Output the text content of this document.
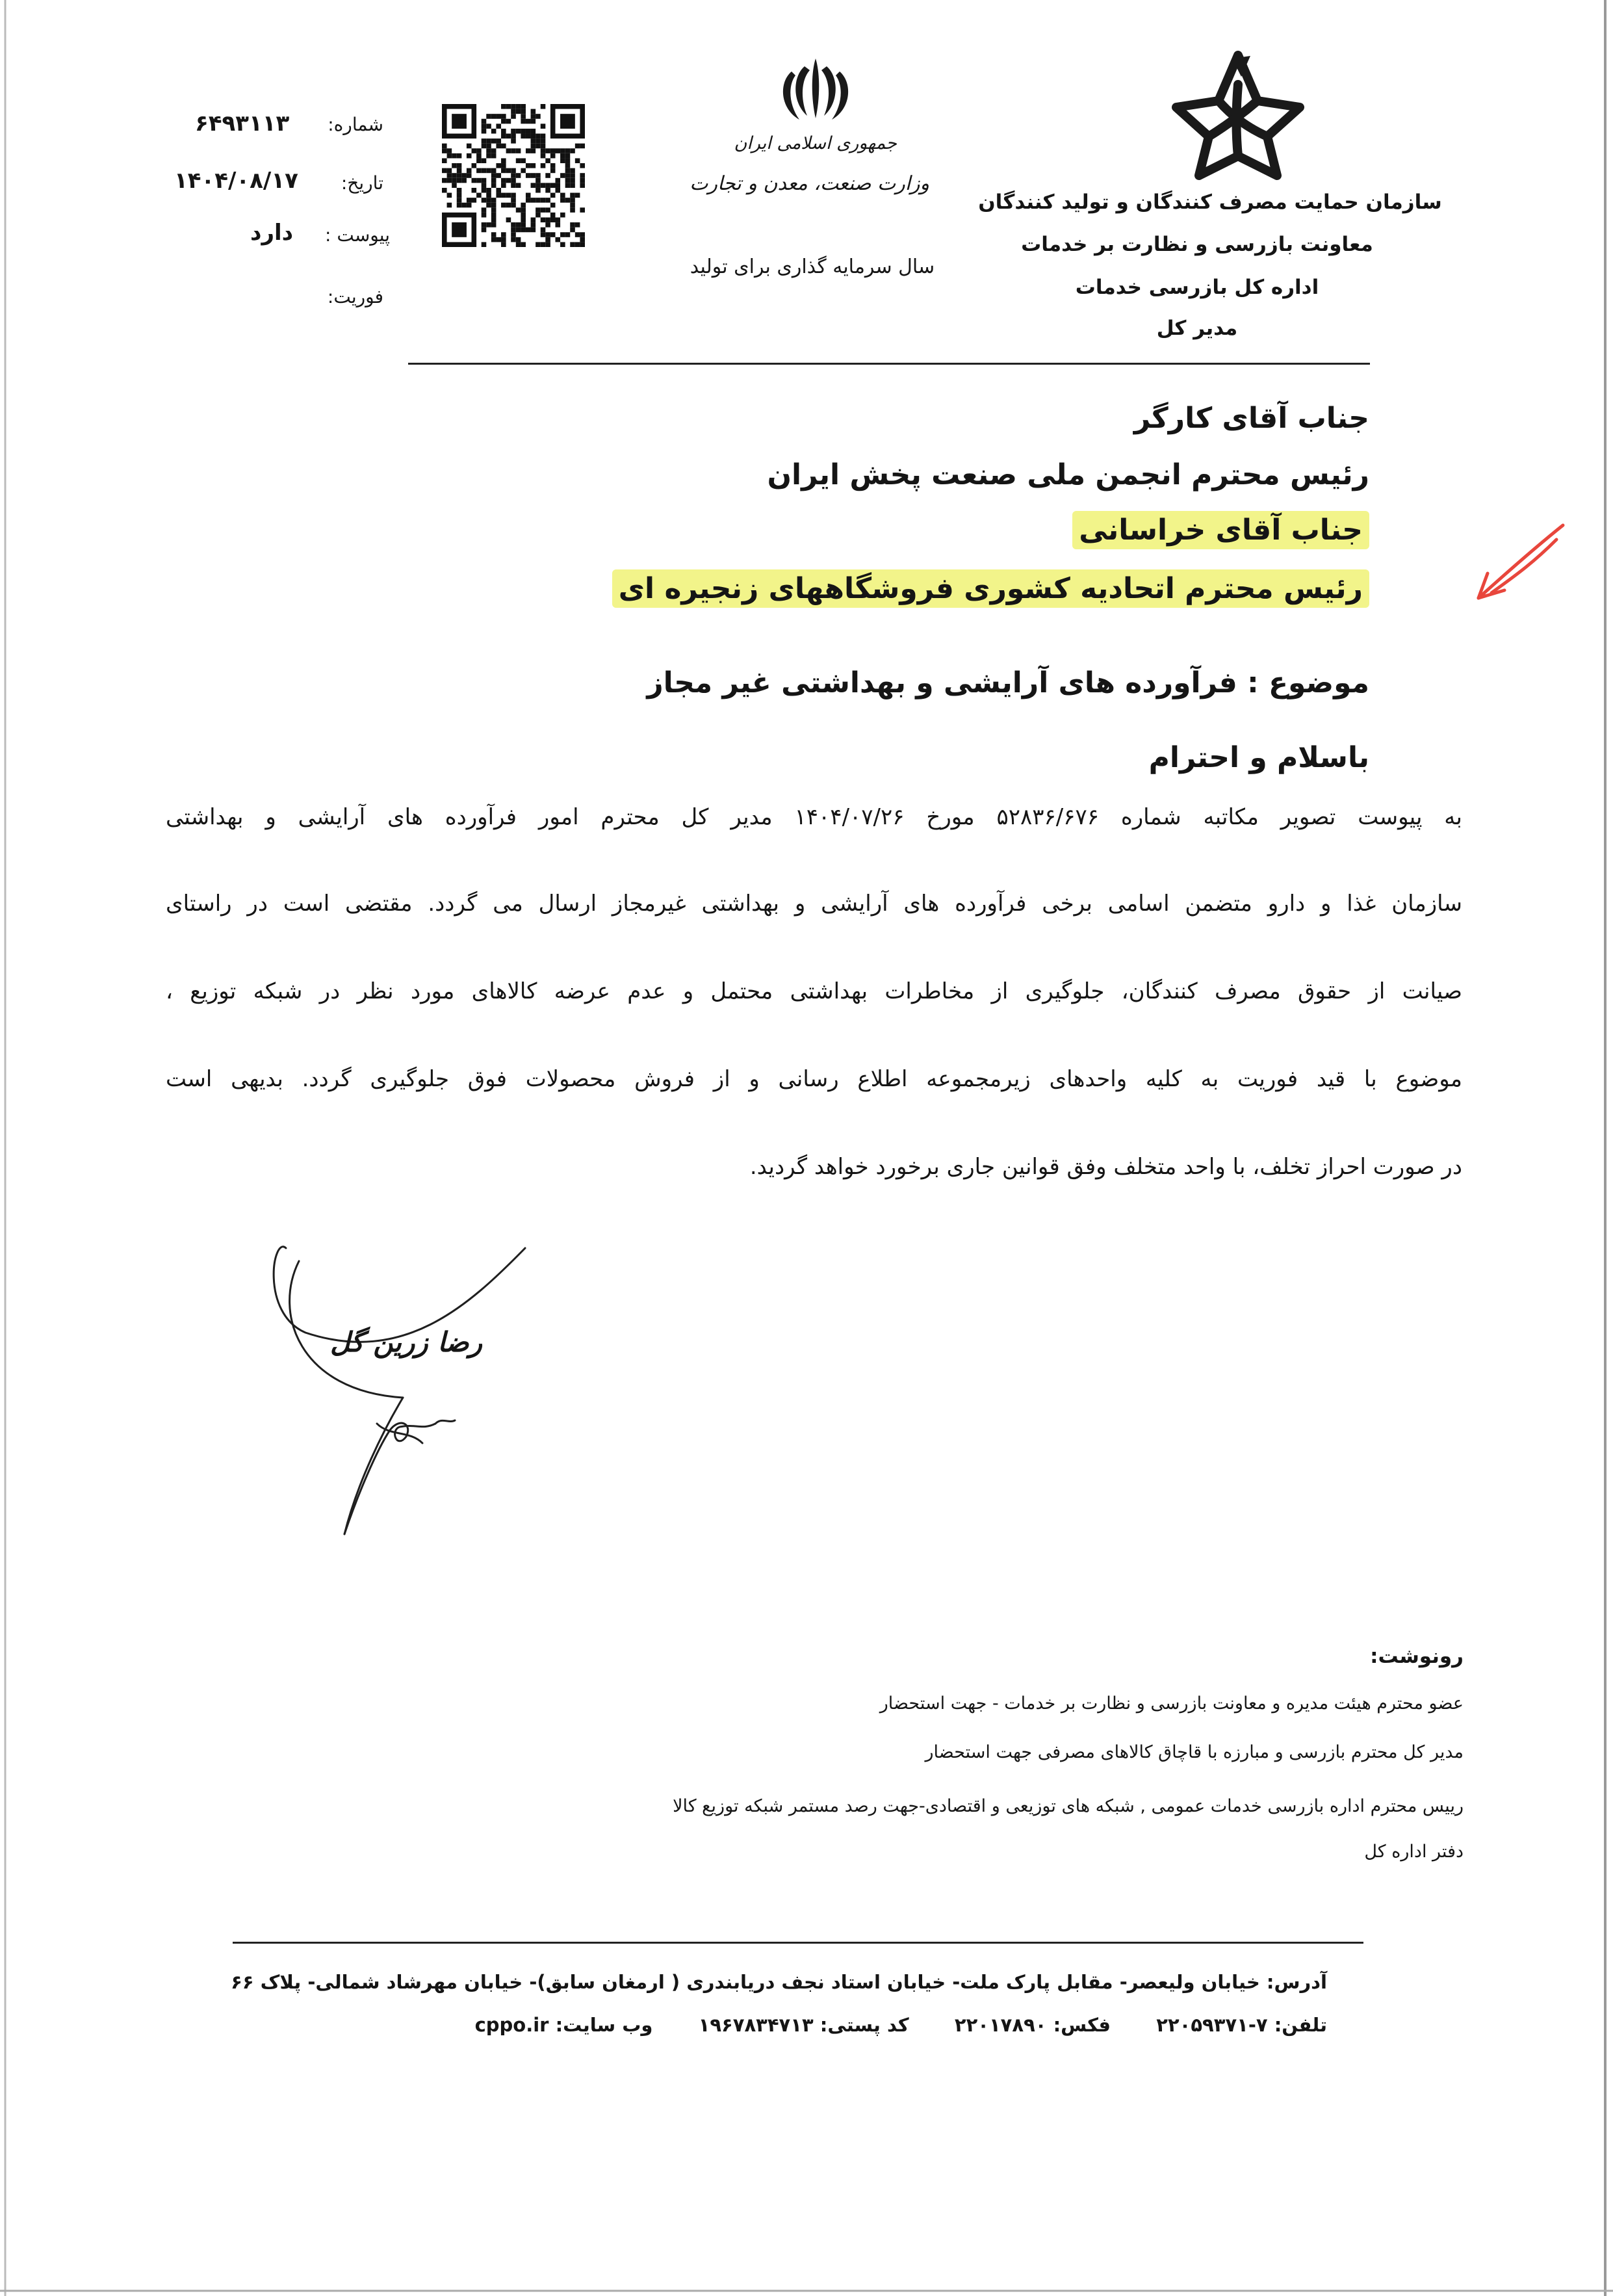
سازمان حمایت مصرف کنندگان و تولید کنندگان
معاونت بازرسی و نظارت بر خدمات
اداره کل بازرسی خدمات
مدیر کل
جمهوری اسلامی ایران
وزارت صنعت، معدن و تجارت
سال سرمایه گذاری برای تولید
شماره:
۶۴۹۳۱۱۳
تاریخ:
۱۴۰۴/۰۸/۱۷
پیوست :
دارد
فوریت:
جناب آقای کارگر
رئیس محترم انجمن ملی صنعت پخش ایران
جناب آقای خراسانی
رئیس محترم اتحادیه کشوری فروشگاههای زنجیره ای
موضوع : فرآورده های آرایشی و بهداشتی غیر مجاز
باسلام و احترام
به پیوست تصویر مکاتبه شماره ۵۲۸۳۶/۶۷۶ مورخ ۱۴۰۴/۰۷/۲۶ مدیر کل محترم امور فرآورده های آرایشی و بهداشتی
سازمان غذا و دارو متضمن اسامی برخی فرآورده های آرایشی و بهداشتی غیرمجاز ارسال می گردد. مقتضی است در راستای
صیانت از حقوق مصرف کنندگان، جلوگیری از مخاطرات بهداشتی محتمل و عدم عرضه کالاهای مورد نظر در شبکه توزیع ،
موضوع با قید فوریت به کلیه واحدهای زیرمجموعه اطلاع رسانی و از فروش محصولات فوق جلوگیری گردد. بدیهی است
در صورت احراز تخلف، با واحد متخلف وفق قوانین جاری برخورد خواهد گردید.
رضا زرین گل
رونوشت:
عضو محترم هیئت مدیره و معاونت بازرسی و نظارت بر خدمات - جهت استحضار
مدیر کل محترم بازرسی و مبارزه با قاچاق کالاهای مصرفی جهت استحضار
رییس محترم اداره بازرسی خدمات عمومی , شبکه های توزیعی و اقتصادی-جهت رصد مستمر شبکه توزیع کالا
دفتر اداره کل
آدرس: خیابان ولیعصر- مقابل پارک ملت- خیابان استاد نجف دریابندری ( ارمغان سابق)- خیابان مهرشاد شمالی- پلاک ۶۶
تلفن: ۷-۲۲۰۵۹۳۷۱  فکس: ۲۲۰۱۷۸۹۰  کد پستی: ۱۹۶۷۸۳۴۷۱۳  وب سایت: cppo.ir
